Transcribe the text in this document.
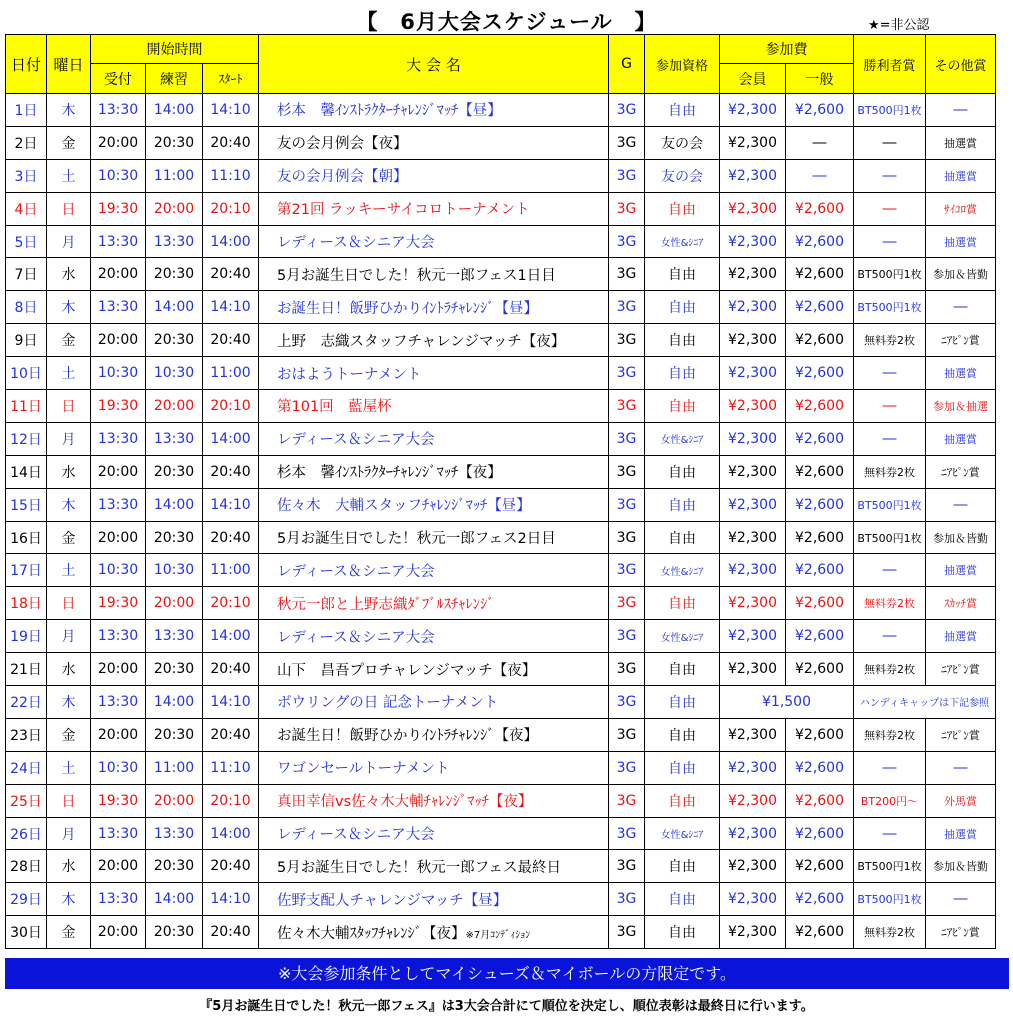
【　6月大会スケジュール　】	★=非公認
日付	曜日	開始時間			大 会 名	G	参加資格	参加費		勝利者賞	その他賞
		受付	練習	ｽﾀｰﾄ				会員	一般		
1日	木	13:30	14:00	14:10	杉本　馨ｲﾝｽﾄﾗｸﾀｰﾁｬﾚﾝｼﾞﾏｯﾁ【昼】	3G	自由	¥2,300	¥2,600	BT500円1枚	―
2日	金	20:00	20:30	20:40	友の会月例会【夜】	3G	友の会	¥2,300	―	―	抽選賞
3日	土	10:30	11:00	11:10	友の会月例会【朝】	3G	友の会	¥2,300	―	―	抽選賞
4日	日	19:30	20:00	20:10	第21回 ラッキーサイコロトーナメント	3G	自由	¥2,300	¥2,600	―	ｻｲｺﾛ賞
5日	月	13:30	13:30	14:00	レディース＆シニア大会	3G	女性&ｼﾆｱ	¥2,300	¥2,600	―	抽選賞
7日	水	20:00	20:30	20:40	5月お誕生日でした！秋元一郎フェス1日目	3G	自由	¥2,300	¥2,600	BT500円1枚	参加＆皆勤
8日	木	13:30	14:00	14:10	お誕生日！飯野ひかりｲﾝﾄﾗﾁｬﾚﾝｼﾞ【昼】	3G	自由	¥2,300	¥2,600	BT500円1枚	―
9日	金	20:00	20:30	20:40	上野　志織スタッフチャレンジマッチ【夜】	3G	自由	¥2,300	¥2,600	無料券2枚	ﾆｱﾋﾟﾝ賞
10日	土	10:30	10:30	11:00	おはようトーナメント	3G	自由	¥2,300	¥2,600	―	抽選賞
11日	日	19:30	20:00	20:10	第101回　藍屋杯	3G	自由	¥2,300	¥2,600	―	参加＆抽選
12日	月	13:30	13:30	14:00	レディース＆シニア大会	3G	女性&ｼﾆｱ	¥2,300	¥2,600	―	抽選賞
14日	水	20:00	20:30	20:40	杉本　馨ｲﾝｽﾄﾗｸﾀｰﾁｬﾚﾝｼﾞﾏｯﾁ【夜】	3G	自由	¥2,300	¥2,600	無料券2枚	ﾆｱﾋﾟﾝ賞
15日	木	13:30	14:00	14:10	佐々木　大輔スタッフﾁｬﾚﾝｼﾞﾏｯﾁ【昼】	3G	自由	¥2,300	¥2,600	BT500円1枚	―
16日	金	20:00	20:30	20:40	5月お誕生日でした！秋元一郎フェス2日目	3G	自由	¥2,300	¥2,600	BT500円1枚	参加＆皆勤
17日	土	10:30	10:30	11:00	レディース＆シニア大会	3G	女性&ｼﾆｱ	¥2,300	¥2,600	―	抽選賞
18日	日	19:30	20:00	20:10	秋元一郎と上野志織ﾀﾞﾌﾞﾙｽﾁｬﾚﾝｼﾞ	3G	自由	¥2,300	¥2,600	無料券2枚	ｽｶｯﾁ賞
19日	月	13:30	13:30	14:00	レディース＆シニア大会	3G	女性&ｼﾆｱ	¥2,300	¥2,600	―	抽選賞
21日	水	20:00	20:30	20:40	山下　昌吾プロチャレンジマッチ【夜】	3G	自由	¥2,300	¥2,600	無料券2枚	ﾆｱﾋﾟﾝ賞
22日	木	13:30	14:00	14:10	ボウリングの日 記念トーナメント	3G	自由	¥1,500		ハンディキャップは下記参照	
23日	金	20:00	20:30	20:40	お誕生日！飯野ひかりｲﾝﾄﾗﾁｬﾚﾝｼﾞ【夜】	3G	自由	¥2,300	¥2,600	無料券2枚	ﾆｱﾋﾟﾝ賞
24日	土	10:30	11:00	11:10	ワゴンセールトーナメント	3G	自由	¥2,300	¥2,600	―	―
25日	日	19:30	20:00	20:10	真田幸信vs佐々木大輔ﾁｬﾚﾝｼﾞﾏｯﾁ【夜】	3G	自由	¥2,300	¥2,600	BT200円～	外馬賞
26日	月	13:30	13:30	14:00	レディース＆シニア大会	3G	女性&ｼﾆｱ	¥2,300	¥2,600	―	抽選賞
28日	水	20:00	20:30	20:40	5月お誕生日でした！秋元一郎フェス最終日	3G	自由	¥2,300	¥2,600	BT500円1枚	参加＆皆勤
29日	木	13:30	14:00	14:10	佐野支配人チャレンジマッチ【昼】	3G	自由	¥2,300	¥2,600	BT500円1枚	―
30日	金	20:00	20:30	20:40	佐々木大輔ｽﾀｯﾌﾁｬﾚﾝｼﾞ【夜】※7月ｺﾝﾃﾞｨｼｮﾝ	3G	自由	¥2,300	¥2,600	無料券2枚	ﾆｱﾋﾟﾝ賞
※大会参加条件としてマイシューズ＆マイボールの方限定です。
『5月お誕生日でした！秋元一郎フェス』は3大会合計にて順位を決定し、順位表彰は最終日に行います。
